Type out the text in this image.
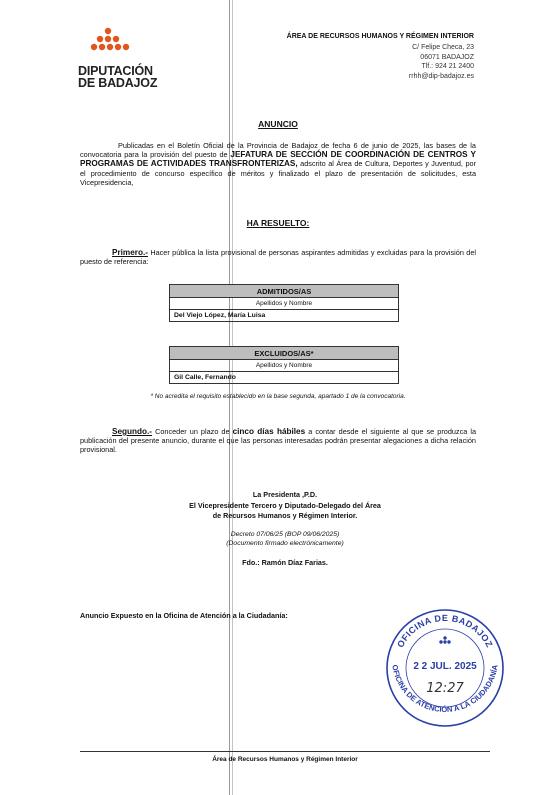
DIPUTACIÓN
DE BADAJOZ
ÁREA DE RECURSOS HUMANOS Y RÉGIMEN INTERIOR
C/ Felipe Checa, 23
06071 BADAJOZ
Tlf.: 924 21 2400
rrhh@dip-badajoz.es
ANUNCIO
Publicadas en el Boletín Oficial de la Provincia de Badajoz de fecha 6 de junio de 2025, las bases de la convocatoria para la provisión del puesto de JEFATURA DE SECCIÓN DE COORDINACIÓN DE CENTROS Y PROGRAMAS DE ACTIVIDADES TRANSFRONTERIZAS, adscrito al Área de Cultura, Deportes y Juventud, por el procedimiento de concurso específico de méritos y finalizado el plazo de presentación de solicitudes, esta Vicepresidencia,
HA RESUELTO:
Primero.- Hacer pública la lista provisional de personas aspirantes admitidas y excluidas para la provisión del puesto de referencia:
ADMITIDOS/AS
Apellidos y Nombre
Del Viejo López, María Luisa
EXCLUIDOS/AS*
Apellidos y Nombre
Gil Calle, Fernando
* No acredita el requisito establecido en la base segunda, apartado 1 de la convocatoria.
Segundo.- Conceder un plazo de cinco días hábiles a contar desde el siguiente al que se produzca la publicación del presente anuncio, durante el que las personas interesadas podrán presentar alegaciones a dicha relación provisional.
La Presidenta ,P.D.
El Vicepresidente Tercero y Diputado-Delegado del Área
de Recursos Humanos y Régimen Interior.
Decreto 07/06/25 (BOP 09/06/2025)
(Documento firmado electrónicamente)
Fdo.: Ramón Díaz Farias.
Anuncio Expuesto en la Oficina de Atención a la Ciudadanía:
OFICINA DE BADAJOZ
OFICINA DE ATENCIÓN A LA CIUDADANÍA
2 2 JUL. 2025
12:27
Área de Recursos Humanos y Régimen Interior
